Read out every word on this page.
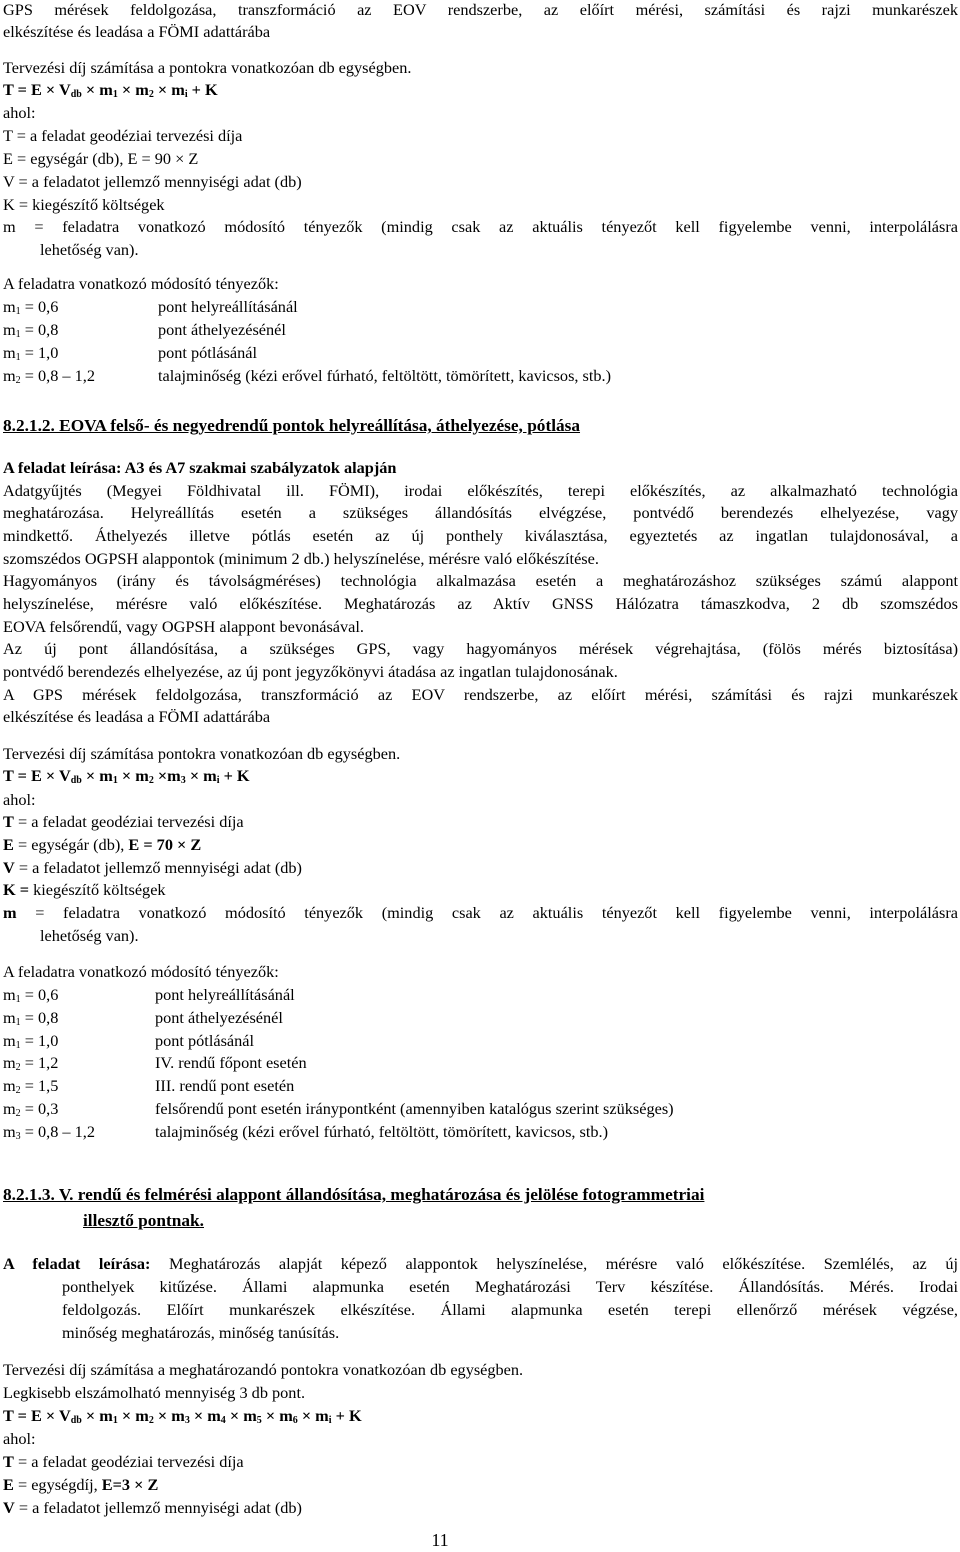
GPS mérések feldolgozása, transzformáció az EOV rendszerbe, az előírt mérési, számítási és rajzi munkarészek
elkészítése és leadása a FÖMI adattárába
Tervezési díj számítása a pontokra vonatkozóan db egységben.
$T = E \times V_{db} \times m_1 \times m_2 \times m_i + K$
ahol:
T = a feladat geodéziai tervezési díja
E = egységár (db), E = 90 × Z
V = a feladatot jellemző mennyiségi adat (db)
K = kiegészítő költségek
m = feladatra vonatkozó módosító tényezők (mindig csak az aktuális tényezőt kell figyelembe venni, interpolálásra
lehetőség van).
A feladatra vonatkozó módosító tényezők:
$m_1 = 0,6$	pont helyreállításánál
$m_1 = 0,8$	pont áthelyezésénél
$m_1 = 1,0$	pont pótlásánál
$m_2 = 0,8 - 1,2$	talajminőség (kézi erővel fúrható, feltöltött, tömörített, kavicsos, stb.)
8.2.1.2. EOVA felső- és negyedrendű pontok helyreállítása, áthelyezése, pótlása
A feladat leírása: A3 és A7 szakmai szabályzatok alapján
Adatgyűjtés (Megyei Földhivatal ill. FÖMI), irodai előkészítés, terepi előkészítés, az alkalmazható technológia
meghatározása. Helyreállítás esetén a szükséges állandósítás elvégzése, pontvédő berendezés elhelyezése, vagy
mindkettő. Áthelyezés illetve pótlás esetén az új ponthely kiválasztása, egyeztetés az ingatlan tulajdonosával, a
szomszédos OGPSH alappontok (minimum 2 db.) helyszínelése, mérésre való előkészítése.
Hagyományos (irány és távolságméréses) technológia alkalmazása esetén a meghatározáshoz szükséges számú alappont
helyszínelése, mérésre való előkészítése. Meghatározás az Aktív GNSS Hálózatra támaszkodva, 2 db szomszédos
EOVA felsőrendű, vagy OGPSH alappont bevonásával.
Az új pont állandósítása, a szükséges GPS, vagy hagyományos mérések végrehajtása, (fölös mérés biztosítása)
pontvédő berendezés elhelyezése, az új pont jegyzőkönyvi átadása az ingatlan tulajdonosának.
A GPS mérések feldolgozása, transzformáció az EOV rendszerbe, az előírt mérési, számítási és rajzi munkarészek
elkészítése és leadása a FÖMI adattárába
Tervezési díj számítása pontokra vonatkozóan db egységben.
$T = E \times V_{db} \times m_1 \times m_2 \times m_3 \times m_i + K$
ahol:
T = a feladat geodéziai tervezési díja
E = egységár (db), E = 70 × Z
V = a feladatot jellemző mennyiségi adat (db)
K = kiegészítő költségek
m = feladatra vonatkozó módosító tényezők (mindig csak az aktuális tényezőt kell figyelembe venni, interpolálásra
lehetőség van).
A feladatra vonatkozó módosító tényezők:
$m_1 = 0,6$	pont helyreállításánál
$m_1 = 0,8$	pont áthelyezésénél
$m_1 = 1,0$	pont pótlásánál
$m_2 = 1,2$	IV. rendű főpont esetén
$m_2 = 1,5$	III. rendű pont esetén
$m_2 = 0,3$	felsőrendű pont esetén iránypontként (amennyiben katalógus szerint szükséges)
$m_3 = 0,8 - 1,2$	talajminőség (kézi erővel fúrható, feltöltött, tömörített, kavicsos, stb.)
8.2.1.3. V. rendű és felmérési alappont állandósítása, meghatározása és jelölése fotogrammetriai
illesztő pontnak.
A feladat leírása: Meghatározás alapját képező alappontok helyszínelése, mérésre való előkészítése. Szemlélés, az új
ponthelyek kitűzése. Állami alapmunka esetén Meghatározási Terv készítése. Állandósítás. Mérés. Irodai
feldolgozás. Előírt munkarészek elkészítése. Állami alapmunka esetén terepi ellenőrző mérések végzése,
minőség meghatározás, minőség tanúsítás.
Tervezési díj számítása a meghatározandó pontokra vonatkozóan db egységben.
Legkisebb elszámolható mennyiség 3 db pont.
$T = E \times V_{db} \times m_1 \times m_2 \times m_3 \times m_4 \times m_5 \times m_6 \times m_i + K$
ahol:
T = a feladat geodéziai tervezési díja
E = egységdíj, E=3 × Z
V = a feladatot jellemző mennyiségi adat (db)
11
